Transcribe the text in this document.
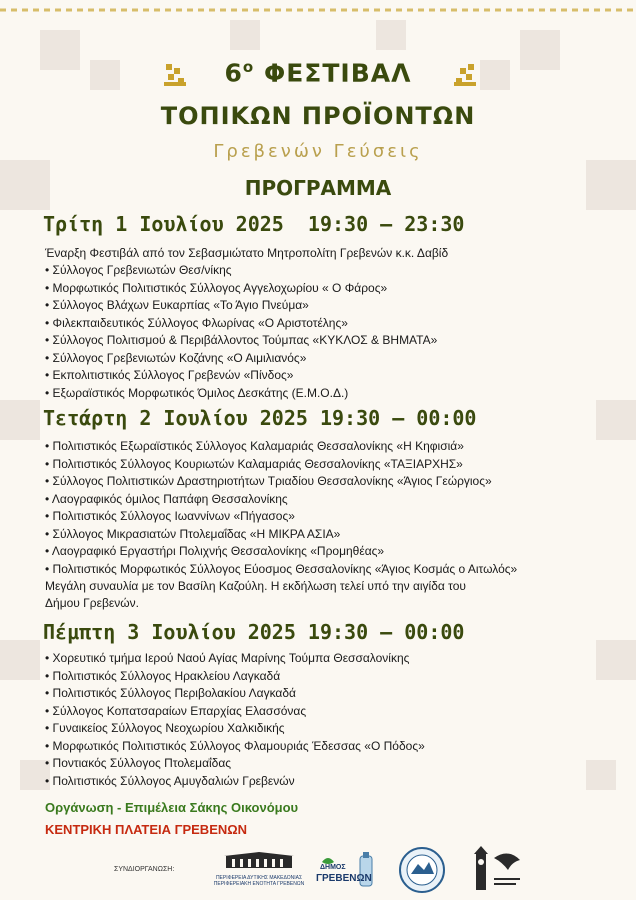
$6^o$ ΦΕΣΤΙΒΑΛ
ΤΟΠΙΚΩΝ ΠΡΟΪΟΝΤΩΝ
Γρεβενών Γεύσεις
ΠΡΟΓΡΑΜΜΑ
Τρίτη 1 Ιουλίου 2025  19:30 – 23:30
Έναρξη Φεστιβάλ από τον Σεβασμιώτατο Μητροπολίτη Γρεβενών κ.κ. Δαβίδ
• Σύλλογος Γρεβενιωτών Θεσ/νίκης
• Μορφωτικός Πολιτιστικός Σύλλογος Αγγελοχωρίου « Ο Φάρος»
• Σύλλογος Βλάχων Ευκαρπίας «Το Άγιο Πνεύμα»
• Φιλεκπαιδευτικός Σύλλογος Φλωρίνας «Ο Αριστοτέλης»
• Σύλλογος Πολιτισμού & Περιβάλλοντος Τούμπας «ΚΥΚΛΟΣ & ΒΗΜΑΤΑ»
• Σύλλογος Γρεβενιωτών Κοζάνης «Ο Αιμιλιανός»
• Εκπολιτιστικός Σύλλογος Γρεβενών «Πίνδος»
• Εξωραϊστικός Μορφωτικός Όμιλος Δεσκάτης (Ε.Μ.Ο.Δ.)
Τετάρτη 2 Ιουλίου 2025 19:30 – 00:00
• Πολιτιστικός Εξωραϊστικός Σύλλογος Καλαμαριάς Θεσσαλονίκης «Η Κηφισιά»
• Πολιτιστικός Σύλλογος Κουριωτών Καλαμαριάς Θεσσαλονίκης «ΤΑΞΙΑΡΧΗΣ»
• Σύλλογος Πολιτιστικών Δραστηριοτήτων Τριαδίου Θεσσαλονίκης «Άγιος Γεώργιος»
• Λαογραφικός όμιλος Παπάφη Θεσσαλονίκης
• Πολιτιστικός Σύλλογος Ιωαννίνων «Πήγασος»
• Σύλλογος Μικρασιατών Πτολεμαΐδας «Η ΜΙΚΡΑ ΑΣΙΑ»
• Λαογραφικό Εργαστήρι Πολιχνής Θεσσαλονίκης «Προμηθέας»
• Πολιτιστικός Μορφωτικός Σύλλογος Εύοσμος Θεσσαλονίκης «Άγιος Κοσμάς ο Αιτωλός»
Μεγάλη συναυλία με τον Βασίλη Καζούλη. Η εκδήλωση τελεί υπό την αιγίδα του
Δήμου Γρεβενών.
Πέμπτη 3 Ιουλίου 2025 19:30 – 00:00
• Χορευτικό τμήμα Ιερού Ναού Αγίας Μαρίνης Τούμπα Θεσσαλονίκης
• Πολιτιστικός Σύλλογος Ηρακλείου Λαγκαδά
• Πολιτιστικός Σύλλογος Περιβολακίου Λαγκαδά
• Σύλλογος Κοπατσαραίων Επαρχίας Ελασσόνας
• Γυναικείος Σύλλογος Νεοχωρίου Χαλκιδικής
• Μορφωτικός Πολιτιστικός Σύλλογος Φλαμουριάς Έδεσσας «Ο Πόδος»
• Ποντιακός Σύλλογος Πτολεμαΐδας
• Πολιτιστικός Σύλλογος Αμυγδαλιών Γρεβενών
Οργάνωση - Επιμέλεια Σάκης Οικονόμου
ΚΕΝΤΡΙΚΗ ΠΛΑΤΕΙΑ ΓΡΕΒΕΝΩΝ
ΣΥΝΔΙΟΡΓΑΝΩΣΗ:
ΠΕΡΙΦΕΡΕΙΑ ΔΥΤΙΚΗΣ ΜΑΚΕΔΟΝΙΑΣ
ΠΕΡΙΦΕΡΕΙΑΚΗ ΕΝΟΤΗΤΑ ΓΡΕΒΕΝΩΝ
ΔΗΜΟΣ
ΓΡΕΒΕΝΩΝ
